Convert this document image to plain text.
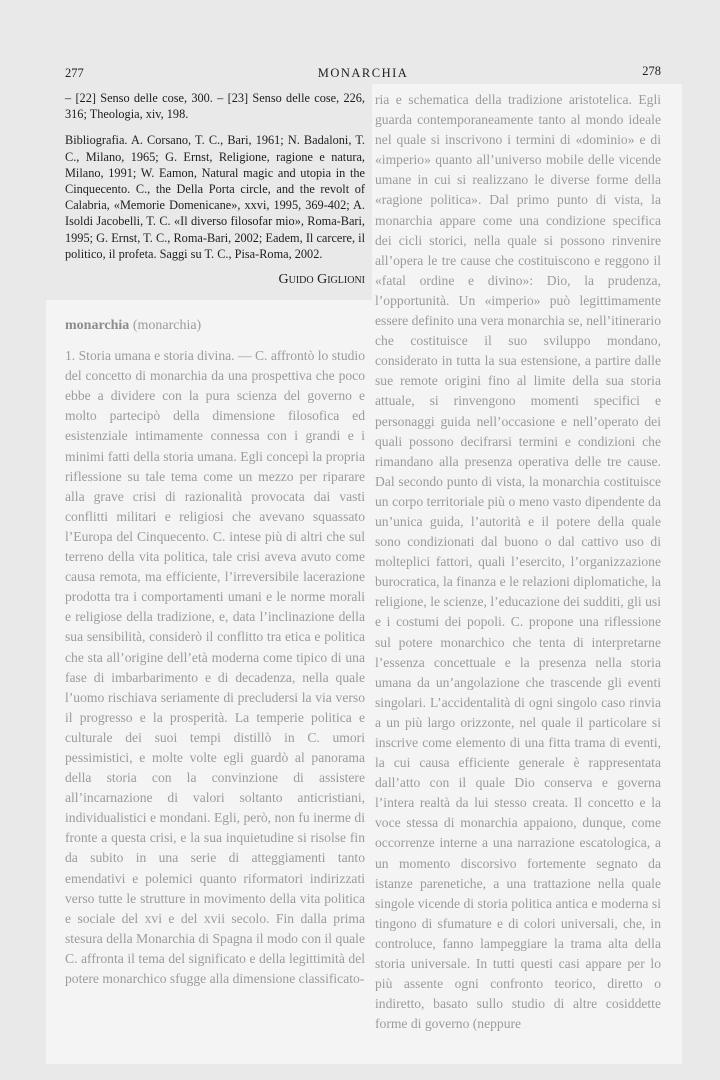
277	MONARCHIA	278

– [22] Senso delle cose, 300. – [23] Senso delle cose, 226, 316; Theologia, xiv, 198.

Bibliografia. A. Corsano, T. C., Bari, 1961; N. Badaloni, T. C., Milano, 1965; G. Ernst, Religione, ragione e natura, Milano, 1991; W. Eamon, Natural magic and utopia in the Cinquecento. C., the Della Porta circle, and the revolt of Calabria, «Memorie Domenicane», xxvi, 1995, 369-402; A. Isoldi Jacobelli, T. C. «Il diverso filosofar mio», Roma-Bari, 1995; G. Ernst, T. C., Roma-Bari, 2002; Eadem, Il carcere, il politico, il profeta. Saggi su T. C., Pisa-Roma, 2002.

Guido Giglioni
monarchia (monarchia)

1. Storia umana e storia divina. — C. affrontò lo studio del concetto di monarchia da una prospettiva che poco ebbe a dividere con la pura scienza del governo e molto partecipò della dimensione filosofica ed esistenziale intimamente connessa con i grandi e i minimi fatti della storia umana. Egli concepì la propria riflessione su tale tema come un mezzo per riparare alla grave crisi di razionalità provocata dai vasti conflitti militari e religiosi che avevano squassato l’Europa del Cinquecento. C. intese più di altri che sul terreno della vita politica, tale crisi aveva avuto come causa remota, ma efficiente, l’irreversibile lacerazione prodotta tra i comportamenti umani e le norme morali e religiose della tradizione, e, data l’inclinazione della sua sensibilità, considerò il conflitto tra etica e politica che sta all’origine dell’età moderna come tipico di una fase di imbarbarimento e di decadenza, nella quale l’uomo rischiava seriamente di precludersi la via verso il progresso e la prosperità. La temperie politica e culturale dei suoi tempi distillò in C. umori pessimistici, e molte volte egli guardò al panorama della storia con la convinzione di assistere all’incarnazione di valori soltanto anticristiani, individualistici e mondani. Egli, però, non fu inerme di fronte a questa crisi, e la sua inquietudine si risolse fin da subito in una serie di atteggiamenti tanto emendativi e polemici quanto riformatori indirizzati verso tutte le strutture in movimento della vita politica e sociale del xvi e del xvii secolo. Fin dalla prima stesura della Monarchia di Spagna il modo con il quale C. affronta il tema del significato e della legittimità del potere monarchico sfugge alla dimensione classificato-

ria e schematica della tradizione aristotelica. Egli guarda contemporaneamente tanto al mondo ideale nel quale si inscrivono i termini di «dominio» e di «imperio» quanto all’universo mobile delle vicende umane in cui si realizzano le diverse forme della «ragione politica». Dal primo punto di vista, la monarchia appare come una condizione specifica dei cicli storici, nella quale si possono rinvenire all’opera le tre cause che costituiscono e reggono il «fatal ordine e divino»: Dio, la prudenza, l’opportunità. Un «imperio» può legittimamente essere definito una vera monarchia se, nell’itinerario che costituisce il suo sviluppo mondano, considerato in tutta la sua estensione, a partire dalle sue remote origini fino al limite della sua storia attuale, si rinvengono momenti specifici e personaggi guida nell’occasione e nell’operato dei quali possono decifrarsi termini e condizioni che rimandano alla presenza operativa delle tre cause. Dal secondo punto di vista, la monarchia costituisce un corpo territoriale più o meno vasto dipendente da un’unica guida, l’autorità e il potere della quale sono condizionati dal buono o dal cattivo uso di molteplici fattori, quali l’esercito, l’organizzazione burocratica, la finanza e le relazioni diplomatiche, la religione, le scienze, l’educazione dei sudditi, gli usi e i costumi dei popoli. C. propone una riflessione sul potere monarchico che tenta di interpretarne l’essenza concettuale e la presenza nella storia umana da un’angolazione che trascende gli eventi singolari. L’accidentalità di ogni singolo caso rinvia a un più largo orizzonte, nel quale il particolare si inscrive come elemento di una fitta trama di eventi, la cui causa efficiente generale è rappresentata dall’atto con il quale Dio conserva e governa l’intera realtà da lui stesso creata. Il concetto e la voce stessa di monarchia appaiono, dunque, come occorrenze interne a una narrazione escatologica, a un momento discorsivo fortemente segnato da istanze parenetiche, a una trattazione nella quale singole vicende di storia politica antica e moderna si tingono di sfumature e di colori universali, che, in controluce, fanno lampeggiare la trama alta della storia universale. In tutti questi casi appare per lo più assente ogni confronto teorico, diretto o indiretto, basato sullo studio di altre cosiddette forme di governo (neppure
